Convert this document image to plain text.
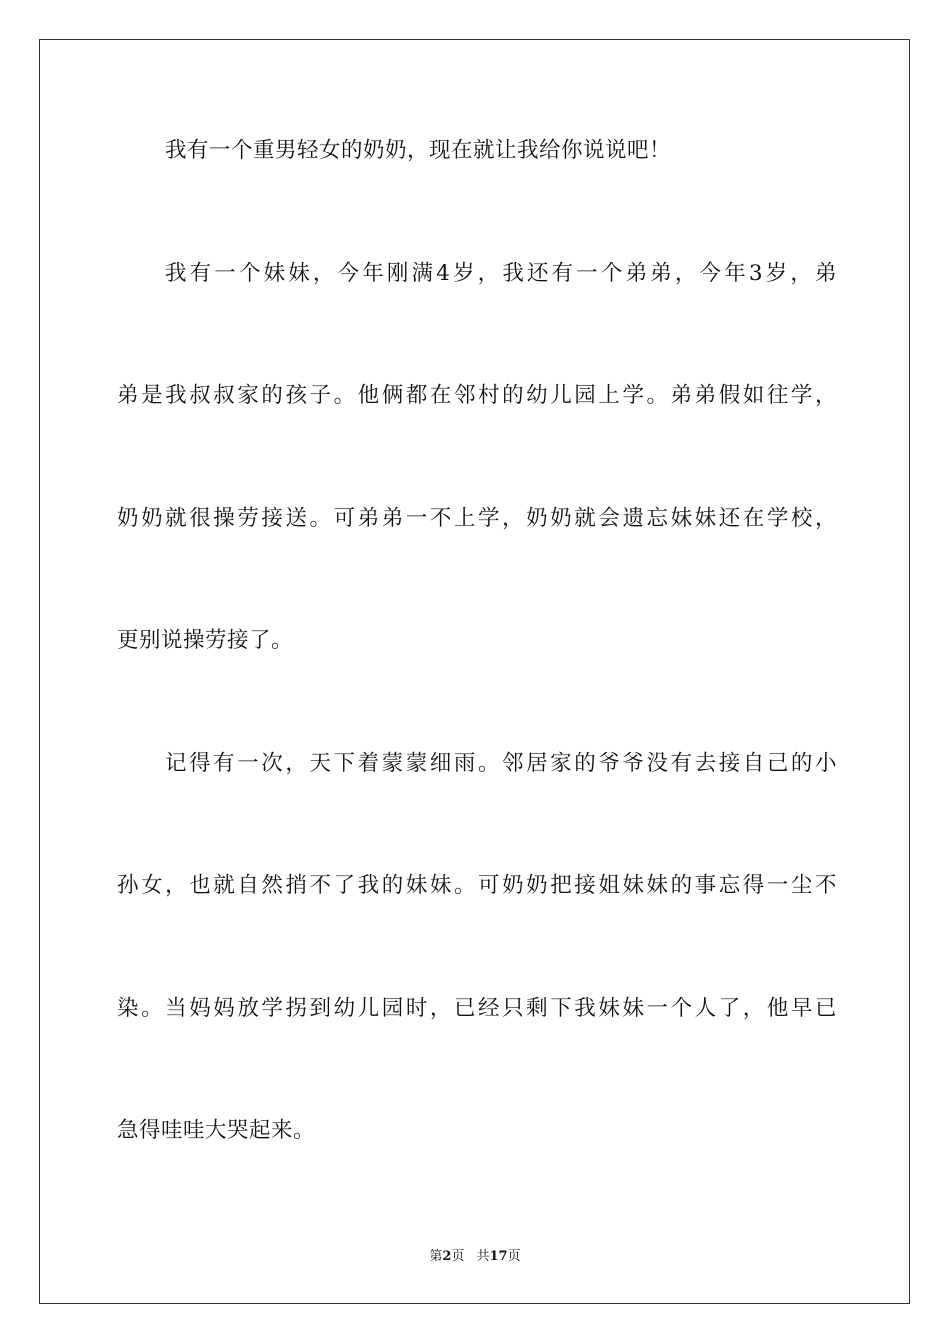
我有一个重男轻女的奶奶，现在就让我给你说说吧！
我有一个妹妹，今年刚满4岁，我还有一个弟弟，今年3岁，弟
弟是我叔叔家的孩子。他俩都在邻村的幼儿园上学。弟弟假如往学，
奶奶就很操劳接送。可弟弟一不上学，奶奶就会遗忘妹妹还在学校，
更别说操劳接了。
记得有一次，天下着蒙蒙细雨。邻居家的爷爷没有去接自己的小
孙女，也就自然捎不了我的妹妹。可奶奶把接姐妹妹的事忘得一尘不
染。当妈妈放学拐到幼儿园时，已经只剩下我妹妹一个人了，他早已
急得哇哇大哭起来。
第2页 共17页
